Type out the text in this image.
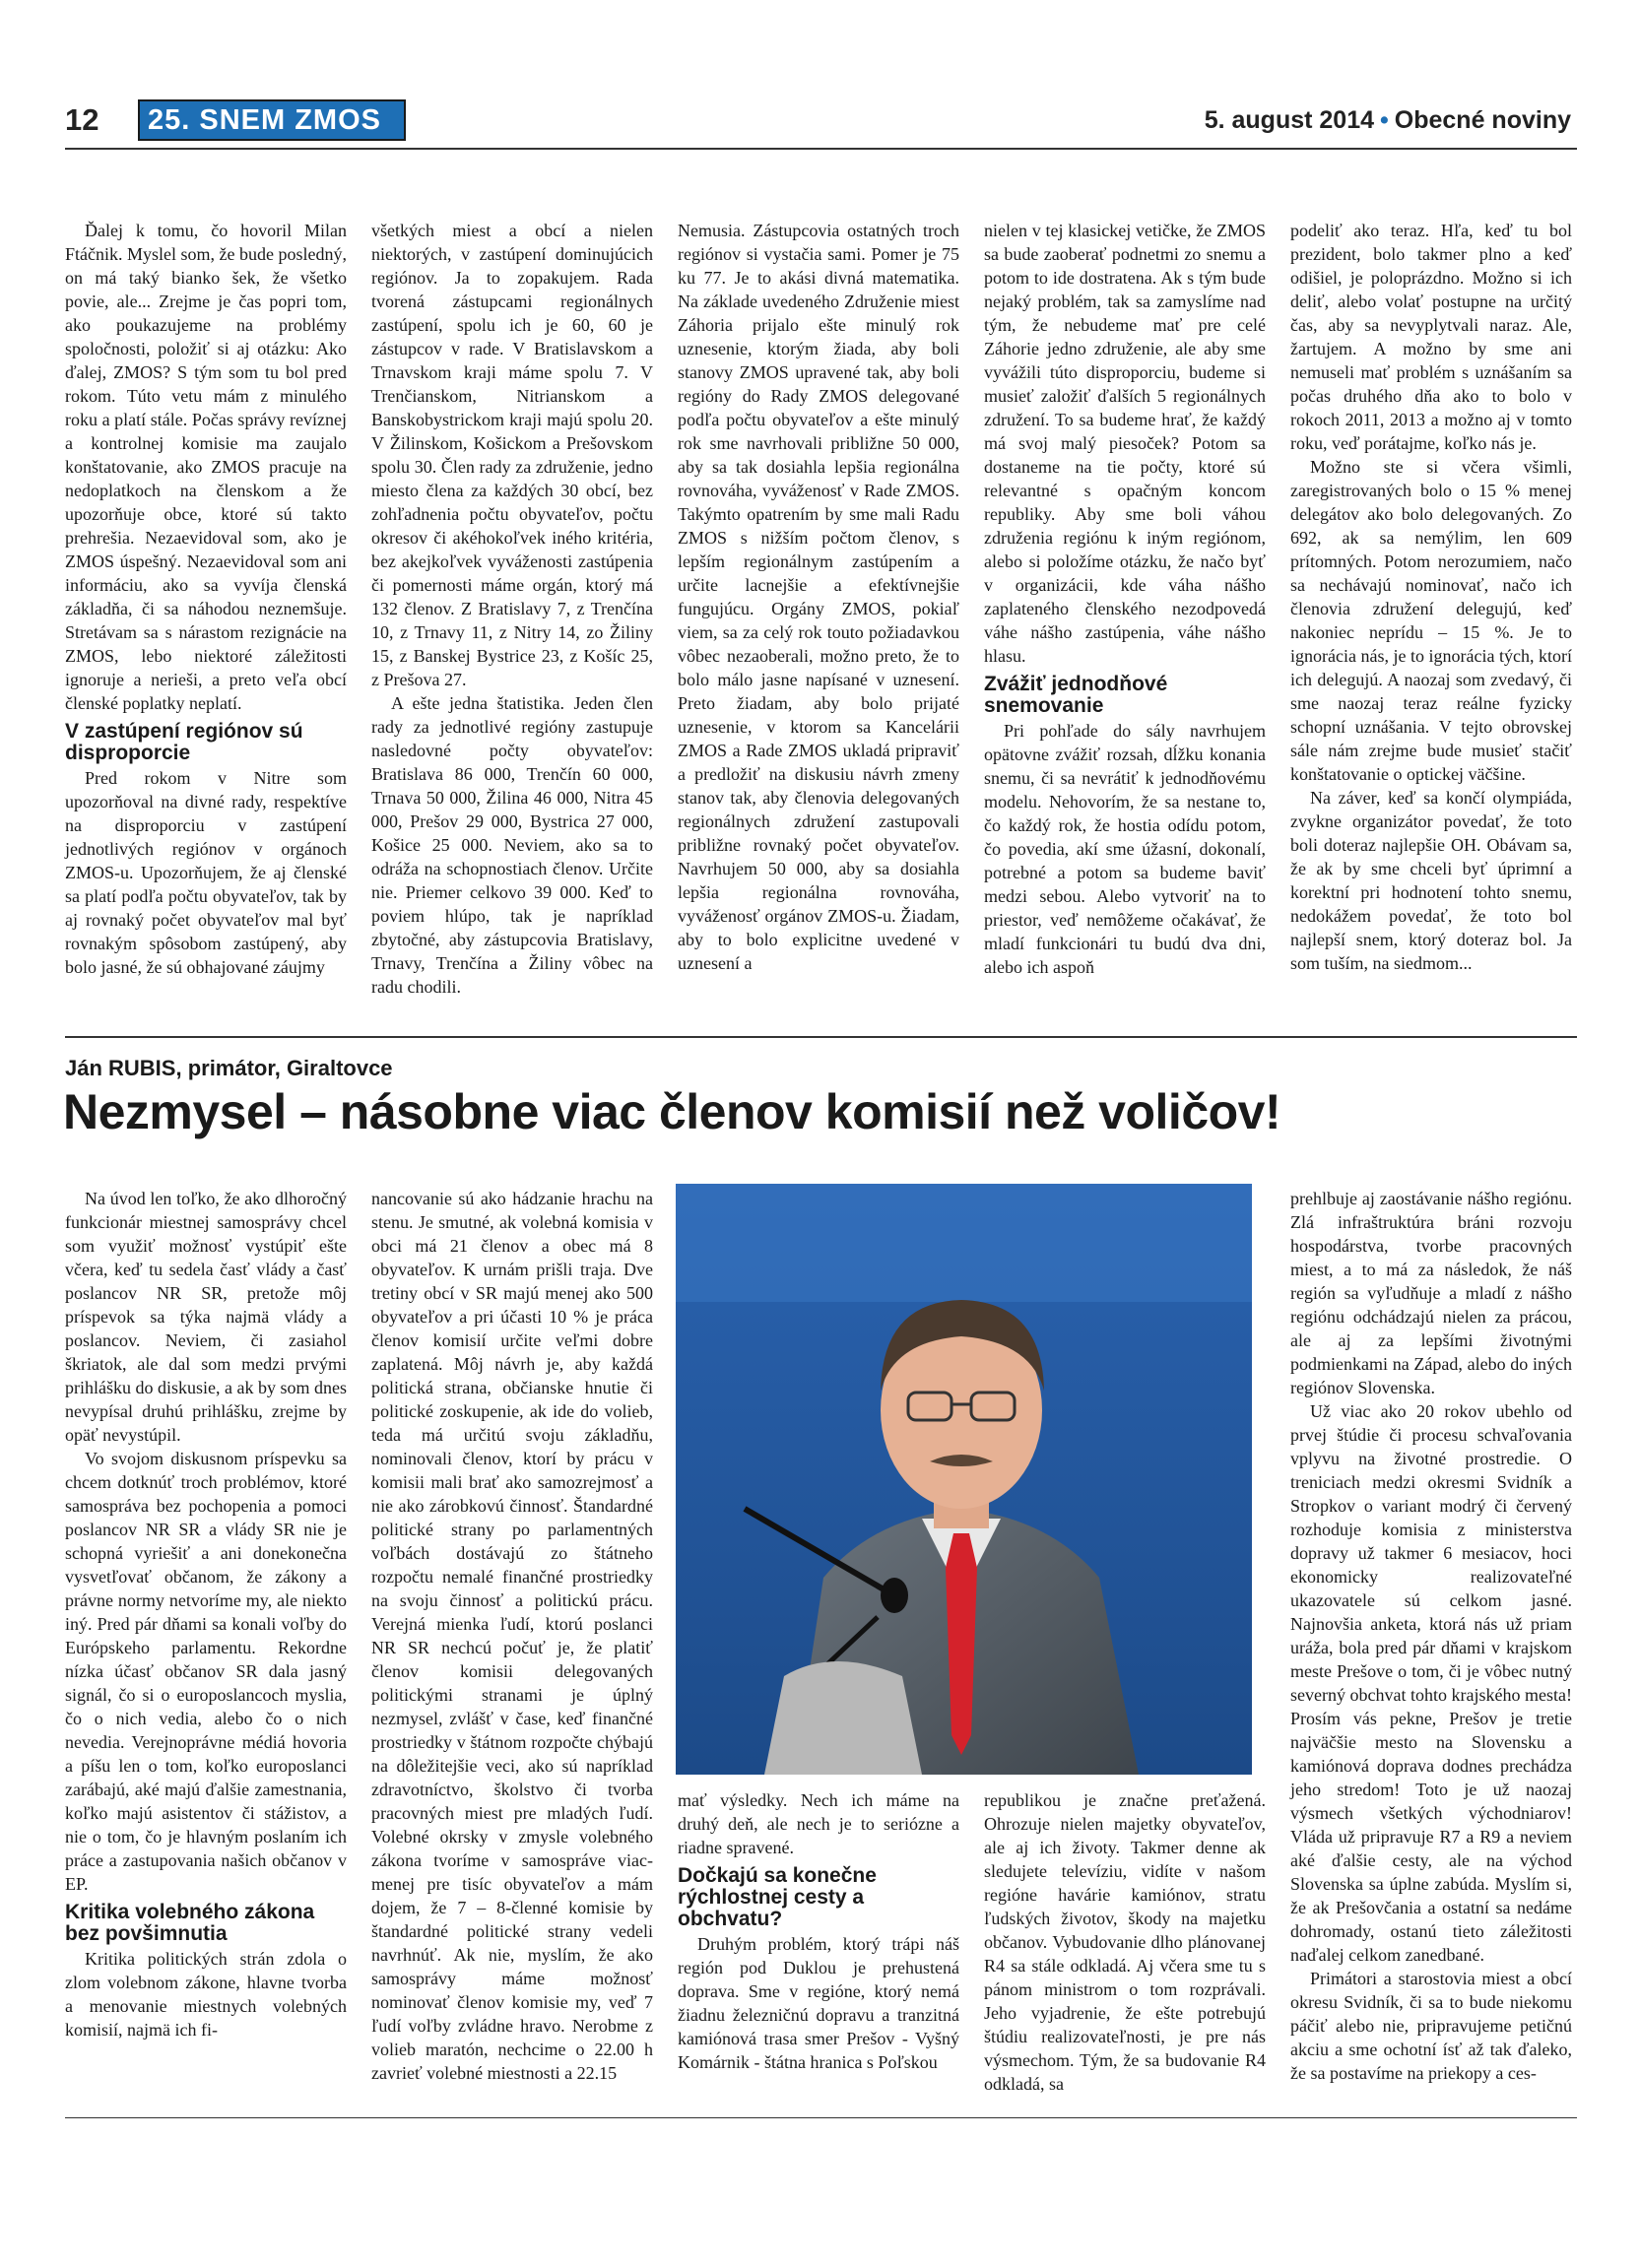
12	25. SNEM ZMOS	5. august 2014 • Obecné noviny

Ďalej k tomu, čo hovoril Milan Ftáčnik. Myslel som, že bude posledný, on má taký bianko šek, že všetko povie, ale... Zrejme je čas popri tom, ako poukazujeme na problémy spoločnosti, položiť si aj otázku: Ako ďalej, ZMOS? S tým som tu bol pred rokom. Túto vetu mám z minulého roku a platí stále. Počas správy revíznej a kontrolnej komisie ma zaujalo konštatovanie, ako ZMOS pracuje na nedoplatkoch na členskom a že upozorňuje obce, ktoré sú takto prehrešia. Nezaevidoval som, ako je ZMOS úspešný. Nezaevidoval som ani informáciu, ako sa vyvíja členská základňa, či sa náhodou neznemšuje. Stretávam sa s nárastom rezignácie na ZMOS, lebo niektoré záležitosti ignoruje a nerieši, a preto veľa obcí členské poplatky neplatí.

V zastúpení regiónov sú disproporcie

Pred rokom v Nitre som upozorňoval na divné rady, respektíve na disproporciu v zastúpení jednotlivých regiónov v orgánoch ZMOS-u. Upozorňujem, že aj členské sa platí podľa počtu obyvateľov, tak by aj rovnaký počet obyvateľov mal byť rovnakým spôsobom zastúpený, aby bolo jasné, že sú obhajované záujmy

všetkých miest a obcí a nielen niektorých, v zastúpení dominujúcich regiónov. Ja to zopakujem. Rada tvorená zástupcami regionálnych zastúpení, spolu ich je 60, 60 je zástupcov v rade. V Bratislavskom a Trnavskom kraji máme spolu 7. V Trenčianskom, Nitrianskom a Banskobystrickom kraji majú spolu 20. V Žilinskom, Košickom a Prešovskom spolu 30. Člen rady za združenie, jedno miesto člena za každých 30 obcí, bez zohľadnenia počtu obyvateľov, počtu okresov či akéhokoľvek iného kritéria, bez akejkoľvek vyváženosti zastúpenia či pomernosti máme orgán, ktorý má 132 členov. Z Bratislavy 7, z Trenčína 10, z Trnavy 11, z Nitry 14, zo Žiliny 15, z Banskej Bystrice 23, z Košíc 25, z Prešova 27.

A ešte jedna štatistika. Jeden člen rady za jednotlivé regióny zastupuje nasledovné počty obyvateľov: Bratislava 86 000, Trenčín 60 000, Trnava 50 000, Žilina 46 000, Nitra 45 000, Prešov 29 000, Bystrica 27 000, Košice 25 000. Neviem, ako sa to odráža na schopnostiach členov. Určite nie. Priemer celkovo 39 000. Keď to poviem hlúpo, tak je napríklad zbytočné, aby zástupcovia Bratislavy, Trnavy, Trenčína a Žiliny vôbec na radu chodili.

Nemusia. Zástupcovia ostatných troch regiónov si vystačia sami. Pomer je 75 ku 77. Je to akási divná matematika. Na základe uvedeného Združenie miest Záhoria prijalo ešte minulý rok uznesenie, ktorým žiada, aby boli stanovy ZMOS upravené tak, aby boli regióny do Rady ZMOS delegované podľa počtu obyvateľov a ešte minulý rok sme navrhovali približne 50 000, aby sa tak dosiahla lepšia regionálna rovnováha, vyváženosť v Rade ZMOS. Takýmto opatrením by sme mali Radu ZMOS s nižším počtom členov, s lepším regionálnym zastúpením a určite lacnejšie a efektívnejšie fungujúcu. Orgány ZMOS, pokiaľ viem, sa za celý rok touto požiadavkou vôbec nezaoberali, možno preto, že to bolo málo jasne napísané v uznesení. Preto žiadam, aby bolo prijaté uznesenie, v ktorom sa Kancelárii ZMOS a Rade ZMOS ukladá pripraviť a predložiť na diskusiu návrh zmeny stanov tak, aby členovia delegovaných regionálnych združení zastupovali približne rovnaký počet obyvateľov. Navrhujem 50 000, aby sa dosiahla lepšia regionálna rovnováha, vyváženosť orgánov ZMOS-u. Žiadam, aby to bolo explicitne uvedené v uznesení a

nielen v tej klasickej vetičke, že ZMOS sa bude zaoberať podnetmi zo snemu a potom to ide dostratena. Ak s tým bude nejaký problém, tak sa zamyslíme nad tým, že nebudeme mať pre celé Záhorie jedno združenie, ale aby sme vyvážili túto disproporciu, budeme si musieť založiť ďalších 5 regionálnych združení. To sa budeme hrať, že každý má svoj malý piesoček? Potom sa dostaneme na tie počty, ktoré sú relevantné s opačným koncom republiky. Aby sme boli váhou združenia regiónu k iným regiónom, alebo si položíme otázku, že načo byť v organizácii, kde váha nášho zaplateného členského nezodpovedá váhe nášho zastúpenia, váhe nášho hlasu.

Zvážiť jednodňové snemovanie

Pri pohľade do sály navrhujem opätovne zvážiť rozsah, dĺžku konania snemu, či sa nevrátiť k jednodňovému modelu. Nehovorím, že sa nestane to, čo každý rok, že hostia odídu potom, čo povedia, akí sme úžasní, dokonalí, potrebné a potom sa budeme baviť medzi sebou. Alebo vytvoriť na to priestor, veď nemôžeme očakávať, že mladí funkcionári tu budú dva dni, alebo ich aspoň

podeliť ako teraz. Hľa, keď tu bol prezident, bolo takmer plno a keď odišiel, je poloprázdno. Možno si ich deliť, alebo volať postupne na určitý čas, aby sa nevyplytvali naraz. Ale, žartujem. A možno by sme ani nemuseli mať problém s uznášaním sa počas druhého dňa ako to bolo v rokoch 2011, 2013 a možno aj v tomto roku, veď porátajme, koľko nás je.

Možno ste si včera všimli, zaregistrovaných bolo o 15 % menej delegátov ako bolo delegovaných. Zo 692, ak sa nemýlim, len 609 prítomných. Potom nerozumiem, načo sa nechávajú nominovať, načo ich členovia združení delegujú, keď nakoniec neprídu – 15 %. Je to ignorácia nás, je to ignorácia tých, ktorí ich delegujú. A naozaj som zvedavý, či sme naozaj teraz reálne fyzicky schopní uznášania. V tejto obrovskej sále nám zrejme bude musieť stačiť konštatovanie o optickej väčšine.

Na záver, keď sa končí olympiáda, zvykne organizátor povedať, že toto boli doteraz najlepšie OH. Obávam sa, že ak by sme chceli byť úprimní a korektní pri hodnotení tohto snemu, nedokážem povedať, že toto bol najlepší snem, ktorý doteraz bol. Ja som tuším, na siedmom...

Ján RUBIS, primátor, Giraltovce
Nezmysel – násobne viac členov komisií než voličov!

Na úvod len toľko, že ako dlhoročný funkcionár miestnej samosprávy chcel som využiť možnosť vystúpiť ešte včera, keď tu sedela časť vlády a časť poslancov NR SR, pretože môj príspevok sa týka najmä vlády a poslancov. Neviem, či zasiahol škriatok, ale dal som medzi prvými prihlášku do diskusie, a ak by som dnes nevypísal druhú prihlášku, zrejme by opäť nevystúpil.

Vo svojom diskusnom príspevku sa chcem dotknúť troch problémov, ktoré samospráva bez pochopenia a pomoci poslancov NR SR a vlády SR nie je schopná vyriešiť a ani donekonečna vysvetľovať občanom, že zákony a právne normy netvoríme my, ale niekto iný. Pred pár dňami sa konali voľby do Európskeho parlamentu. Rekordne nízka účasť občanov SR dala jasný signál, čo si o europoslancoch myslia, čo o nich vedia, alebo čo o nich nevedia. Verejnoprávne médiá hovoria a píšu len o tom, koľko europoslanci zarábajú, aké majú ďalšie zamestnania, koľko majú asistentov či stážistov, a nie o tom, čo je hlavným poslaním ich práce a zastupovania našich občanov v EP.

Kritika volebného zákona bez povšimnutia

Kritika politických strán zdola o zlom volebnom zákone, hlavne tvorba a menovanie miestnych volebných komisií, najmä ich fi-

nancovanie sú ako hádzanie hrachu na stenu. Je smutné, ak volebná komisia v obci má 21 členov a obec má 8 obyvateľov. K urnám prišli traja. Dve tretiny obcí v SR majú menej ako 500 obyvateľov a pri účasti 10 % je práca členov komisií určite veľmi dobre zaplatená. Môj návrh je, aby každá politická strana, občianske hnutie či politické zoskupenie, ak ide do volieb, teda má určitú svoju základňu, nominovali členov, ktorí by prácu v komisii mali brať ako samozrejmosť a nie ako zárobkovú činnosť. Štandardné politické strany po parlamentných voľbách dostávajú zo štátneho rozpočtu nemalé finančné prostriedky na svoju činnosť a politickú prácu. Verejná mienka ľudí, ktorú poslanci NR SR nechcú počuť je, že platiť členov komisii delegovaných politickými stranami je úplný nezmysel, zvlášť v čase, keď finančné prostriedky v štátnom rozpočte chýbajú na dôležitejšie veci, ako sú napríklad zdravotníctvo, školstvo či tvorba pracovných miest pre mladých ľudí. Volebné okrsky v zmysle volebného zákona tvoríme v samospráve viac-menej pre tisíc obyvateľov a mám dojem, že 7 – 8-členné komisie by štandardné politické strany vedeli navrhnúť. Ak nie, myslím, že ako samosprávy máme možnosť nominovať členov komisie my, veď 7 ľudí voľby zvládne hravo. Nerobme z volieb maratón, nechcime o 22.00 h zavrieť volebné miestnosti a 22.15

mať výsledky. Nech ich máme na druhý deň, ale nech je to seriózne a riadne spravené.

Dočkajú sa konečne rýchlostnej cesty a obchvatu?

Druhým problém, ktorý trápi náš región pod Duklou je prehustená doprava. Sme v regióne, ktorý nemá žiadnu železničnú dopravu a tranzitná kamiónová trasa smer Prešov - Vyšný Komárnik - štátna hranica s Poľskou

republikou je značne preťažená. Ohrozuje nielen majetky obyvateľov, ale aj ich životy. Takmer denne ak sledujete televíziu, vidíte v našom regióne havárie kamiónov, stratu ľudských životov, škody na majetku občanov. Vybudovanie dlho plánovanej R4 sa stále odkladá. Aj včera sme tu s pánom ministrom o tom rozprávali. Jeho vyjadrenie, že ešte potrebujú štúdiu realizovateľnosti, je pre nás výsmechom. Tým, že sa budovanie R4 odkladá, sa

prehlbuje aj zaostávanie nášho regiónu. Zlá infraštruktúra bráni rozvoju hospodárstva, tvorbe pracovných miest, a to má za následok, že náš región sa vyľudňuje a mladí z nášho regiónu odchádzajú nielen za prácou, ale aj za lepšími životnými podmienkami na Západ, alebo do iných regiónov Slovenska.

Už viac ako 20 rokov ubehlo od prvej štúdie či procesu schvaľovania vplyvu na životné prostredie. O treniciach medzi okresmi Svidník a Stropkov o variant modrý či červený rozhodujе komisia z ministerstva dopravy už takmer 6 mesiacov, hoci ekonomicky realizovateľné ukazovatele sú celkom jasné. Najnovšia anketa, ktorá nás už priam uráža, bola pred pár dňami v krajskom meste Prešove o tom, či je vôbec nutný severný obchvat tohto krajského mesta! Prosím vás pekne, Prešov je tretie najväčšie mesto na Slovensku a kamiónová doprava dodnes prechádza jeho stredom! Toto je už naozaj výsmech všetkých východniarov! Vláda už pripravuje R7 a R9 a neviem aké ďalšie cesty, ale na východ Slovenska sa úplne zabúda. Myslím si, že ak Prešovčania a ostatní sa nedáme dohromady, ostanú tieto záležitosti naďalej celkom zanedbané.

Primátori a starostovia miest a obcí okresu Svidník, či sa to bude niekomu páčiť alebo nie, pripravujeme petičnú akciu a sme ochotní ísť až tak ďaleko, že sa postavíme na priekopy a ces-
